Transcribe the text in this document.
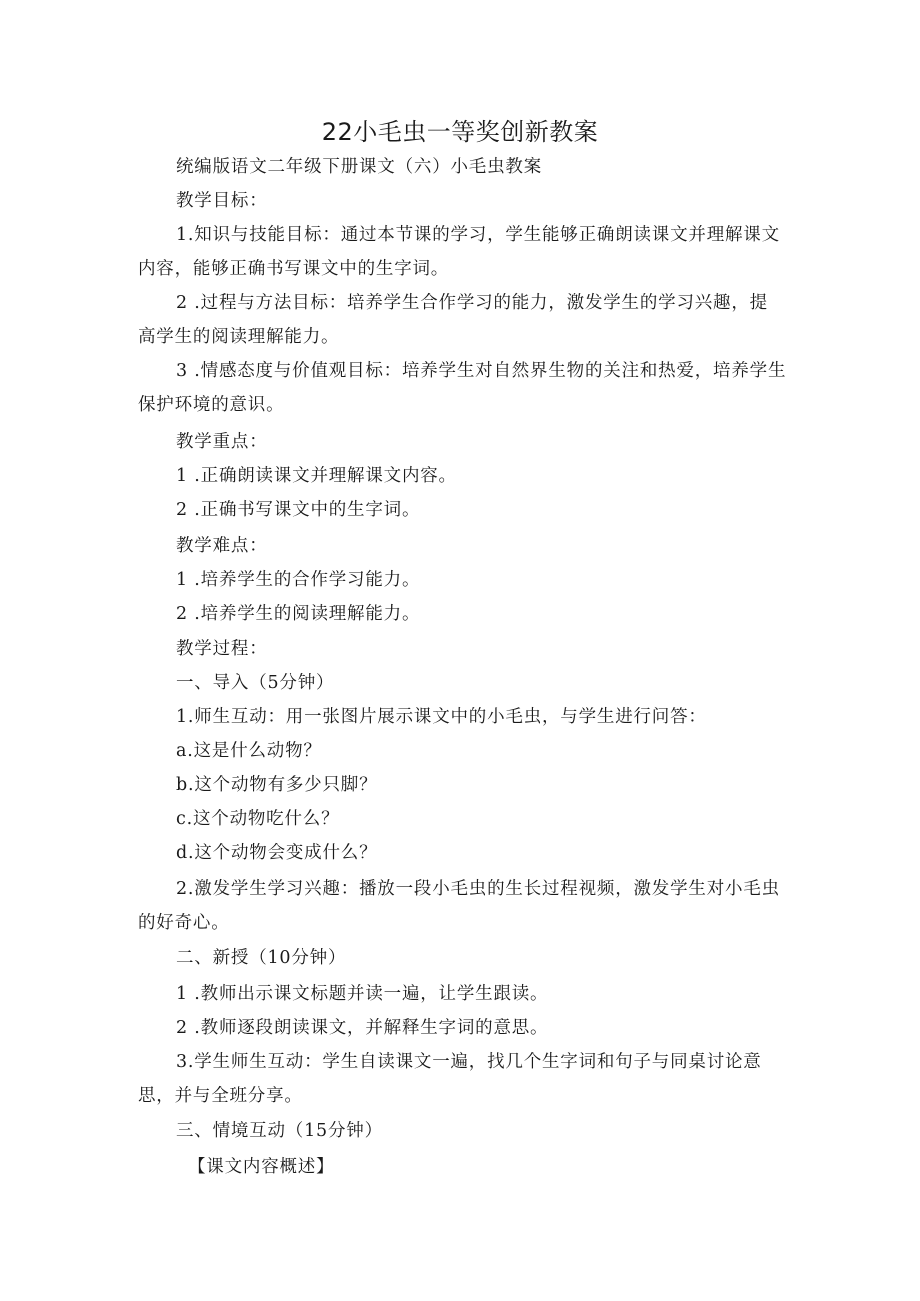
22小毛虫一等奖创新教案
统编版语文二年级下册课文（六）小毛虫教案
教学目标：
1.知识与技能目标：通过本节课的学习，学生能够正确朗读课文并理解课文
内容，能够正确书写课文中的生字词。
2 .过程与方法目标：培养学生合作学习的能力，激发学生的学习兴趣，提
高学生的阅读理解能力。
3 .情感态度与价值观目标：培养学生对自然界生物的关注和热爱，培养学生
保护环境的意识。
教学重点：
1 .正确朗读课文并理解课文内容。
2 .正确书写课文中的生字词。
教学难点：
1 .培养学生的合作学习能力。
2 .培养学生的阅读理解能力。
教学过程：
一、导入（5分钟）
1.师生互动：用一张图片展示课文中的小毛虫，与学生进行问答：
a.这是什么动物？
b.这个动物有多少只脚？
c.这个动物吃什么？
d.这个动物会变成什么？
2.激发学生学习兴趣：播放一段小毛虫的生长过程视频，激发学生对小毛虫
的好奇心。
二、新授（10分钟）
1 .教师出示课文标题并读一遍，让学生跟读。
2 .教师逐段朗读课文，并解释生字词的意思。
3.学生师生互动：学生自读课文一遍，找几个生字词和句子与同桌讨论意
思，并与全班分享。
三、情境互动（15分钟）
【课文内容概述】
